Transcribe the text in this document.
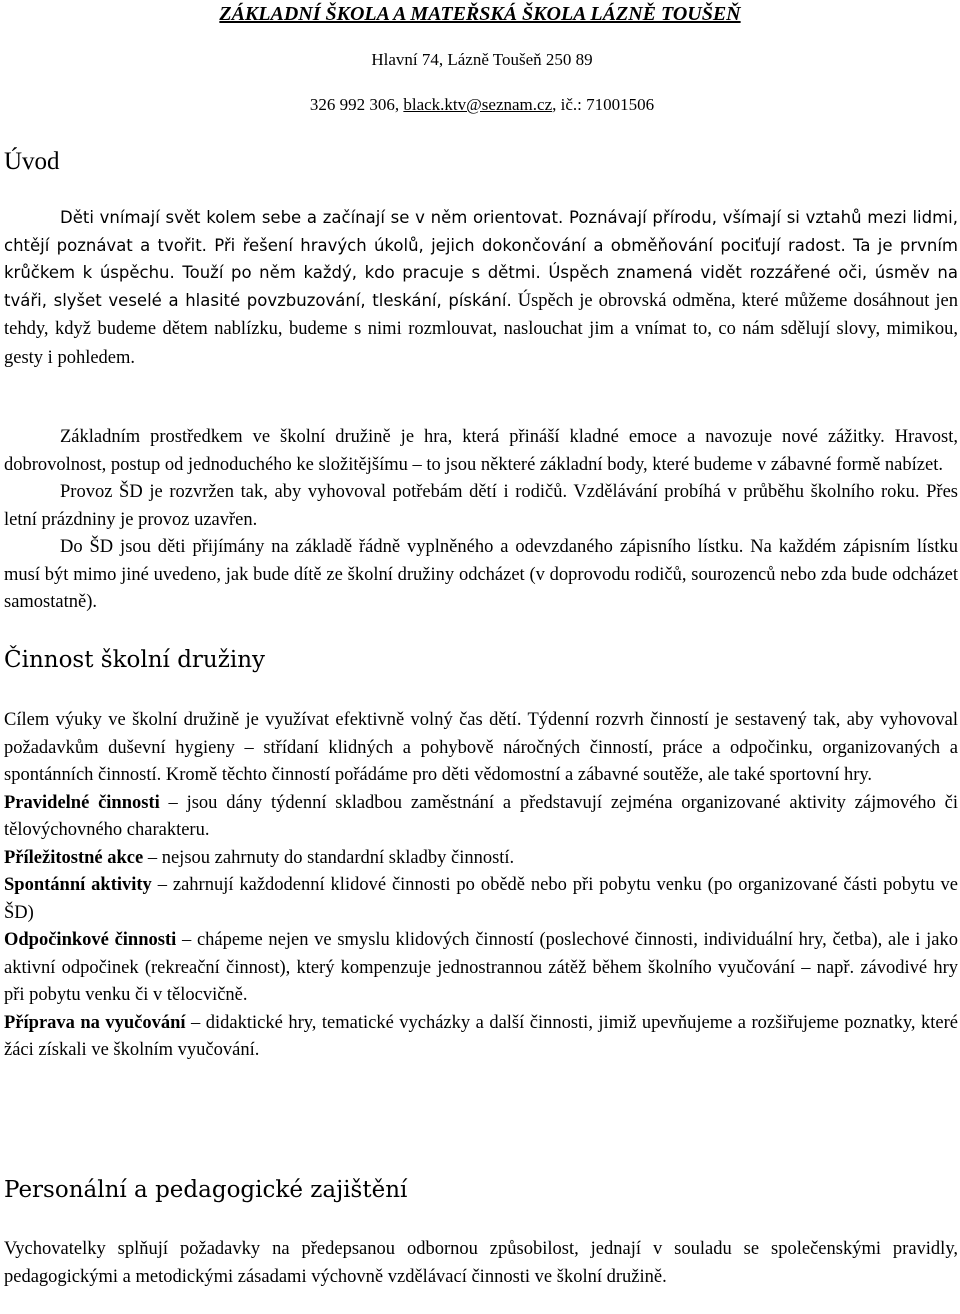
ZÁKLADNÍ ŠKOLA A MATEŘSKÁ ŠKOLA LÁZNĚ TOUŠEŇ
Hlavní 74, Lázně Toušeň 250 89
326 992 306, black.ktv@seznam.cz, ič.: 71001506
Úvod

Děti vnímají svět kolem sebe a začínají se v něm orientovat. Poznávají přírodu, všímají si vztahů mezi lidmi, chtějí poznávat a tvořit. Při řešení hravých úkolů, jejich dokončování a obměňování pociťují radost. Ta je prvním krůčkem k úspěchu. Touží po něm každý, kdo pracuje s dětmi. Úspěch znamená vidět rozzářené oči, úsměv na tváři, slyšet veselé a hlasité povzbuzování, tleskání, pískání. Úspěch je obrovská odměna, které můžeme dosáhnout jen tehdy, když budeme dětem nablízku, budeme s nimi rozmlouvat, naslouchat jim a vnímat to, co nám sdělují slovy, mimikou, gesty i pohledem.

Základním prostředkem ve školní družině je hra, která přináší kladné emoce a navozuje nové zážitky. Hravost, dobrovolnost, postup od jednoduchého ke složitějšímu – to jsou některé základní body, které budeme v zábavné formě nabízet.

Provoz ŠD je rozvržen tak, aby vyhovoval potřebám dětí i rodičů. Vzdělávání probíhá v průběhu školního roku. Přes letní prázdniny je provoz uzavřen.

Do ŠD jsou děti přijímány na základě řádně vyplněného a odevzdaného zápisního lístku. Na každém zápisním lístku musí být mimo jiné uvedeno, jak bude dítě ze školní družiny odcházet (v doprovodu rodičů, sourozenců nebo zda bude odcházet samostatně).

Činnost školní družiny

Cílem výuky ve školní družině je využívat efektivně volný čas dětí. Týdenní rozvrh činností je sestavený tak, aby vyhovoval požadavkům duševní hygieny – střídaní klidných a pohybově náročných činností, práce a odpočinku, organizovaných a spontánních činností. Kromě těchto činností pořádáme pro děti vědomostní a zábavné soutěže, ale také sportovní hry.

Pravidelné činnosti – jsou dány týdenní skladbou zaměstnání a představují zejména organizované aktivity zájmového či tělovýchovného charakteru.

Příležitostné akce – nejsou zahrnuty do standardní skladby činností.

Spontánní aktivity – zahrnují každodenní klidové činnosti po obědě nebo při pobytu venku (po organizované části pobytu ve ŠD)

Odpočinkové činnosti – chápeme nejen ve smyslu klidových činností (poslechové činnosti, individuální hry, četba), ale i jako aktivní odpočinek (rekreační činnost), který kompenzuje jednostrannou zátěž během školního vyučování – např. závodivé hry při pobytu venku či v tělocvičně.

Příprava na vyučování – didaktické hry, tematické vycházky a další činnosti, jimiž upevňujeme a rozšiřujeme poznatky, které žáci získali ve školním vyučování.

Personální a pedagogické zajištění

Vychovatelky splňují požadavky na předepsanou odbornou způsobilost, jednají v souladu se společenskými pravidly, pedagogickými a metodickými zásadami výchovně vzdělávací činnosti ve školní družině.
